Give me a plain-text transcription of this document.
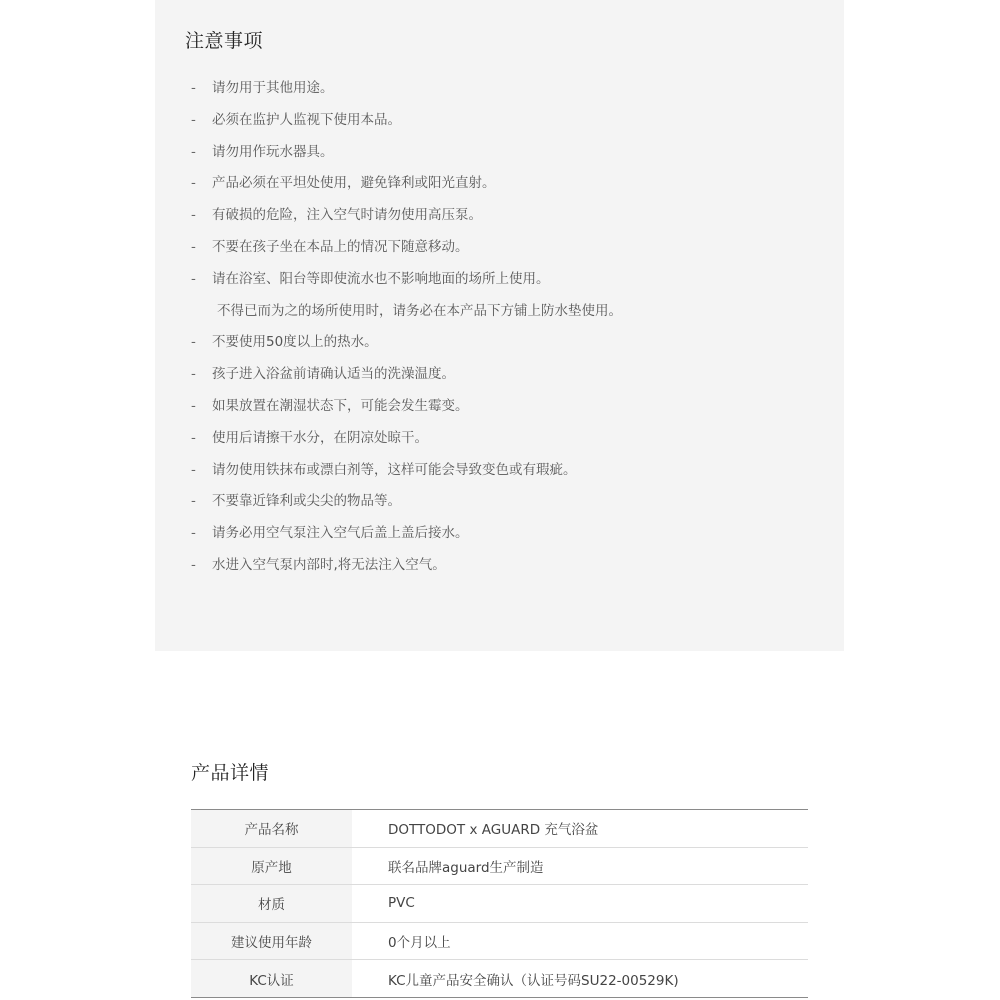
注意事项
-	请勿用于其他用途。
-	必须在监护人监视下使用本品。
-	请勿用作玩水器具。
-	产品必须在平坦处使用，避免锋利或阳光直射。
-	有破损的危险，注入空气时请勿使用高压泵。
-	不要在孩子坐在本品上的情况下随意移动。
-	请在浴室、阳台等即使流水也不影响地面的场所上使用。
不得已而为之的场所使用时，请务必在本产品下方铺上防水垫使用。
-	不要使用50度以上的热水。
-	孩子进入浴盆前请确认适当的洗澡温度。
-	如果放置在潮湿状态下，可能会发生霉变。
-	使用后请擦干水分，在阴凉处晾干。
-	请勿使用铁抹布或漂白剂等，这样可能会导致变色或有瑕疵。
-	不要靠近锋利或尖尖的物品等。
-	请务必用空气泵注入空气后盖上盖后接水。
-	水进入空气泵内部时,将无法注入空气。
产品详情
产品名称	DOTTODOT x AGUARD 充气浴盆
原产地	联名品牌aguard生产制造
材质	PVC
建议使用年龄	0个月以上
KC认证	KC儿童产品安全确认（认证号码SU22-00529K)
